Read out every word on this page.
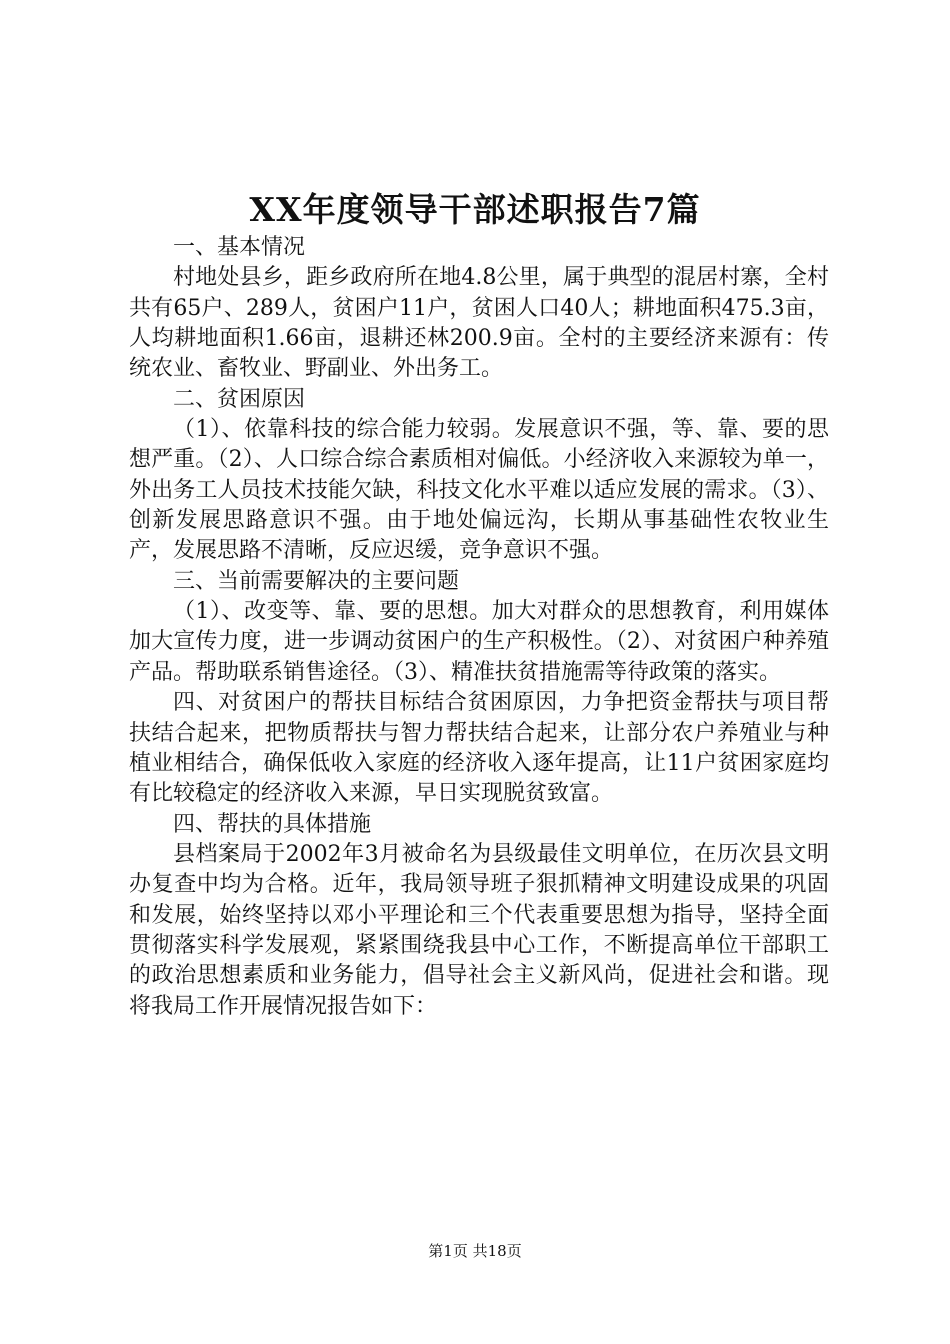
XX年度领导干部述职报告7篇

一、基本情况

村地处县乡，距乡政府所在地4.8公里，属于典型的混居村寨，全村共有65户、289人，贫困户11户，贫困人口40人；耕地面积475.3亩，人均耕地面积1.66亩，退耕还林200.9亩。全村的主要经济来源有：传统农业、畜牧业、野副业、外出务工。

二、贫困原因

（1）、依靠科技的综合能力较弱。发展意识不强，等、靠、要的思想严重。（2）、人口综合综合素质相对偏低。小经济收入来源较为单一，外出务工人员技术技能欠缺，科技文化水平难以适应发展的需求。（3）、创新发展思路意识不强。由于地处偏远沟，长期从事基础性农牧业生产，发展思路不清晰，反应迟缓，竞争意识不强。

三、当前需要解决的主要问题

（1）、改变等、靠、要的思想。加大对群众的思想教育，利用媒体加大宣传力度，进一步调动贫困户的生产积极性。（2）、对贫困户种养殖产品。帮助联系销售途径。（3）、精准扶贫措施需等待政策的落实。

四、对贫困户的帮扶目标结合贫困原因，力争把资金帮扶与项目帮扶结合起来，把物质帮扶与智力帮扶结合起来，让部分农户养殖业与种植业相结合，确保低收入家庭的经济收入逐年提高，让11户贫困家庭均有比较稳定的经济收入来源，早日实现脱贫致富。

四、帮扶的具体措施

县档案局于2002年3月被命名为县级最佳文明单位，在历次县文明办复查中均为合格。近年，我局领导班子狠抓精神文明建设成果的巩固和发展，始终坚持以邓小平理论和三个代表重要思想为指导，坚持全面贯彻落实科学发展观，紧紧围绕我县中心工作，不断提高单位干部职工的政治思想素质和业务能力，倡导社会主义新风尚，促进社会和谐。现将我局工作开展情况报告如下：

第1页 共18页
